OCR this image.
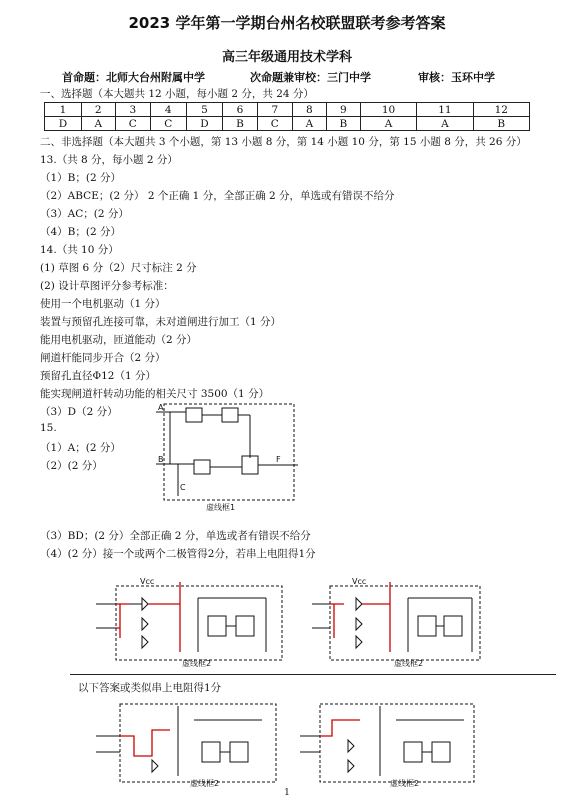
2023 学年第一学期台州名校联盟联考参考答案
高三年级通用技术学科
首命题：北师大台州附属中学	次命题兼审校：三门中学	审核：玉环中学
一、选择题（本大题共 12 小题，每小题 2 分，共 24 分）
1	2	3	4	5	6	7	8	9	10	11	12
D	A	C	C	D	B	C	A	B	A	A	B
二、非选择题（本大题共 3 个小题，第 13 小题 8 分，第 14 小题 10 分，第 15 小题 8 分，共 26 分）
13.（共 8 分，每小题 2 分）
（1）B；(2 分）
（2）ABCE；(2 分） 2 个正确 1 分，全部正确 2 分，单选或有错误不给分
（3）AC；(2 分）
（4）B；(2 分）
14.（共 10 分）
(1) 草图 6 分（2）尺寸标注 2 分
(2) 设计草图评分参考标准：
使用一个电机驱动（1 分）
装置与预留孔连接可靠，未对道闸进行加工（1 分）
能用电机驱动，匝道能动（2 分）
闸道杆能同步开合（2 分）
预留孔直径Φ12（1 分）
能实现闸道杆转动功能的相关尺寸 3500（1 分）
（3）D（2 分）
15.
（1）A；(2 分）
（2）(2 分）
A
B
C
F
虚线框1
（3）BD；(2 分）全部正确 2 分，单选或者有错误不给分
（4）(2 分）接一个或两个二极管得2分，若串上电阻得1分
Vcc
虚线框2
Vcc
虚线框2
以下答案或类似串上电阻得1分
虚线框2	虚线框2
1
